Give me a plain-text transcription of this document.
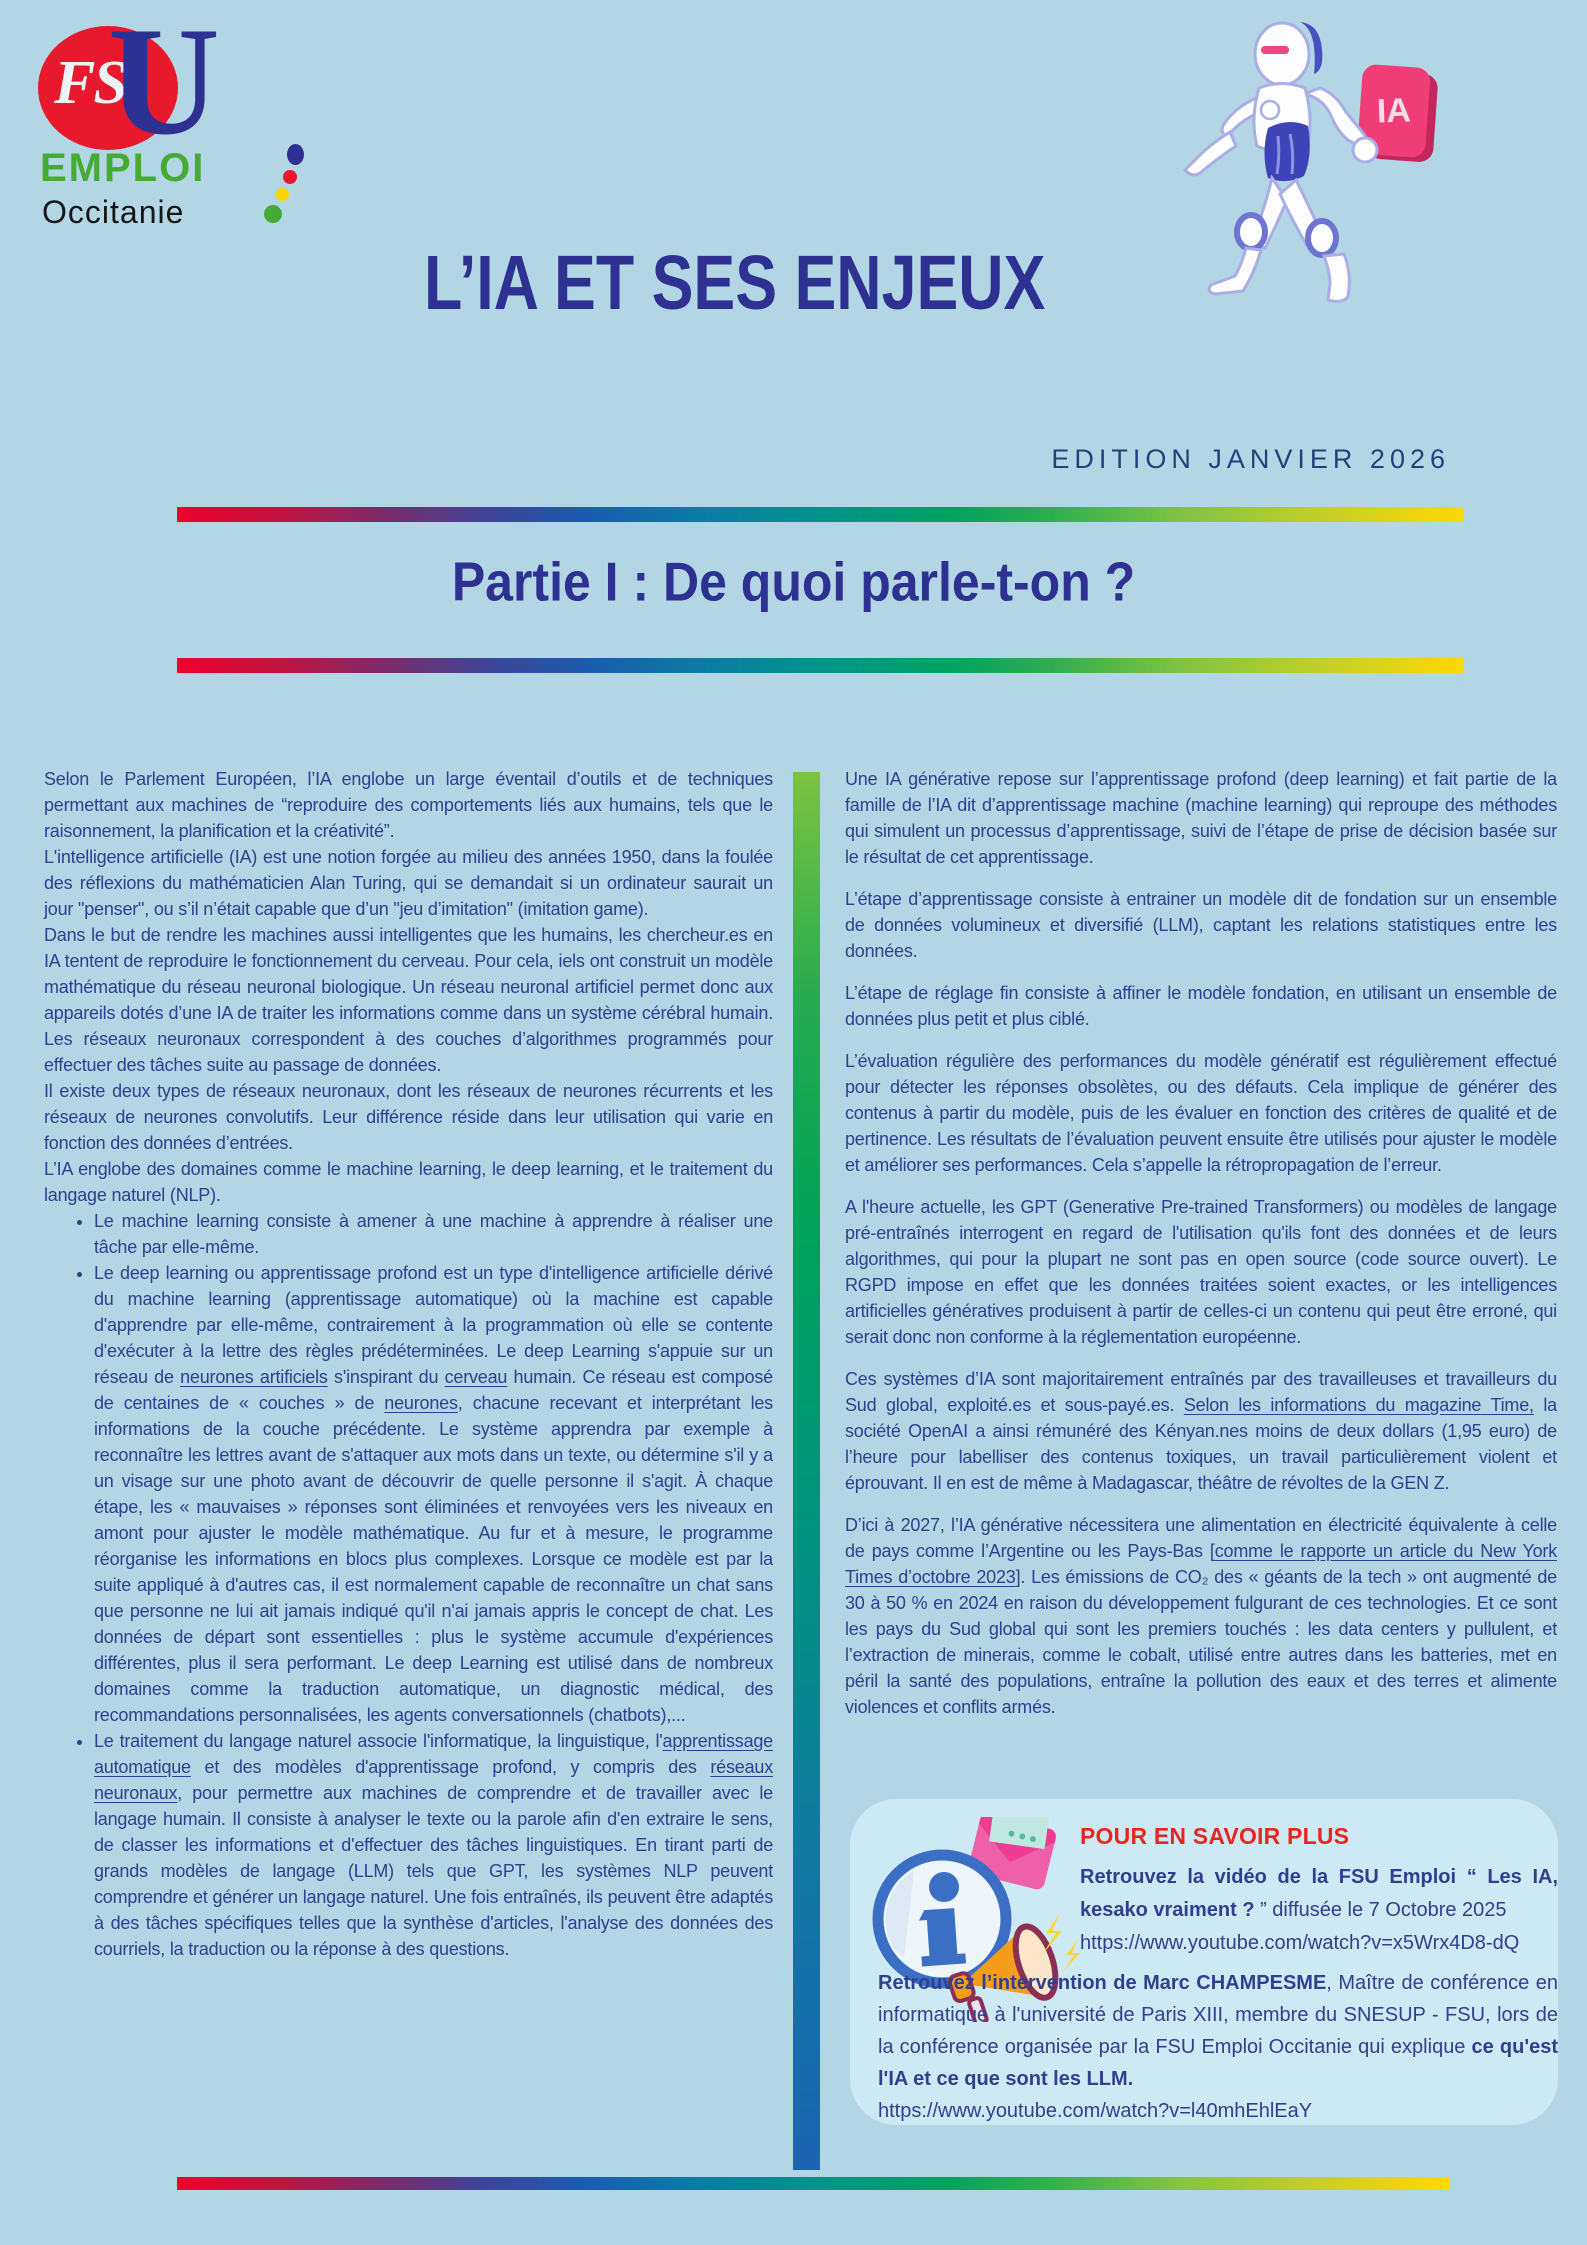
FS
U
EMPLOI
Occitanie
L’IA ET SES ENJEUX
IA
EDITION JANVIER 2026
Partie I : De quoi parle-t-on ?

Selon le Parlement Européen, l’IA englobe un large éventail d’outils et de techniques permettant aux machines de “reproduire des comportements liés aux humains, tels que le raisonnement, la planification et la créativité”.

L'intelligence artificielle (IA) est une notion forgée au milieu des années 1950, dans la foulée des réflexions du mathématicien Alan Turing, qui se demandait si un ordinateur saurait un jour "penser", ou s’il n’était capable que d’un "jeu d’imitation" (imitation game).

Dans le but de rendre les machines aussi intelligentes que les humains, les chercheur.es en IA tentent de reproduire le fonctionnement du cerveau. Pour cela, iels ont construit un modèle mathématique du réseau neuronal biologique. Un réseau neuronal artificiel permet donc aux appareils dotés d’une IA de traiter les informations comme dans un système cérébral humain. Les réseaux neuronaux correspondent à des couches d’algorithmes programmés pour effectuer des tâches suite au passage de données.

Il existe deux types de réseaux neuronaux, dont les réseaux de neurones récurrents et les réseaux de neurones convolutifs. Leur différence réside dans leur utilisation qui varie en fonction des données d’entrées.

L’IA englobe des domaines comme le machine learning, le deep learning, et le traitement du langage naturel (NLP).

• Le machine learning consiste à amener à une machine à apprendre à réaliser une tâche par elle-même.
• Le deep learning ou apprentissage profond est un type d'intelligence artificielle dérivé du machine learning (apprentissage automatique) où la machine est capable d'apprendre par elle-même, contrairement à la programmation où elle se contente d'exécuter à la lettre des règles prédéterminées. Le deep Learning s'appuie sur un réseau de neurones artificiels s'inspirant du cerveau humain. Ce réseau est composé de centaines de « couches » de neurones, chacune recevant et interprétant les informations de la couche précédente. Le système apprendra par exemple à reconnaître les lettres avant de s'attaquer aux mots dans un texte, ou détermine s'il y a un visage sur une photo avant de découvrir de quelle personne il s'agit. À chaque étape, les « mauvaises » réponses sont éliminées et renvoyées vers les niveaux en amont pour ajuster le modèle mathématique. Au fur et à mesure, le programme réorganise les informations en blocs plus complexes. Lorsque ce modèle est par la suite appliqué à d'autres cas, il est normalement capable de reconnaître un chat sans que personne ne lui ait jamais indiqué qu'il n'ai jamais appris le concept de chat. Les données de départ sont essentielles : plus le système accumule d'expériences différentes, plus il sera performant. Le deep Learning est utilisé dans de nombreux domaines comme la traduction automatique, un diagnostic médical, des recommandations personnalisées, les agents conversationnels (chatbots),...
• Le traitement du langage naturel associe l'informatique, la linguistique, l'apprentissage automatique et des modèles d'apprentissage profond, y compris des réseaux neuronaux, pour permettre aux machines de comprendre et de travailler avec le langage humain. Il consiste à analyser le texte ou la parole afin d'en extraire le sens, de classer les informations et d'effectuer des tâches linguistiques. En tirant parti de grands modèles de langage (LLM) tels que GPT, les systèmes NLP peuvent comprendre et générer un langage naturel. Une fois entraînés, ils peuvent être adaptés à des tâches spécifiques telles que la synthèse d'articles, l'analyse des données des courriels, la traduction ou la réponse à des questions.

Une IA générative repose sur l’apprentissage profond (deep learning) et fait partie de la famille de l’IA dit d’apprentissage machine (machine learning) qui reproupe des méthodes qui simulent un processus d’apprentissage, suivi de l’étape de prise de décision basée sur le résultat de cet apprentissage.

L’étape d’apprentissage consiste à entrainer un modèle dit de fondation sur un ensemble de données volumineux et diversifié (LLM), captant les relations statistiques entre les données.

L’étape de réglage fin consiste à affiner le modèle fondation, en utilisant un ensemble de données plus petit et plus ciblé.

L’évaluation régulière des performances du modèle génératif est régulièrement effectué pour détecter les réponses obsolètes, ou des défauts. Cela implique de générer des contenus à partir du modèle, puis de les évaluer en fonction des critères de qualité et de pertinence. Les résultats de l’évaluation peuvent ensuite être utilisés pour ajuster le modèle et améliorer ses performances. Cela s’appelle la rétropropagation de l’erreur.

A l'heure actuelle, les GPT (Generative Pre-trained Transformers) ou modèles de langage pré-entraînés interrogent en regard de l'utilisation qu'ils font des données et de leurs algorithmes, qui pour la plupart ne sont pas en open source (code source ouvert). Le RGPD impose en effet que les données traitées soient exactes, or les intelligences artificielles génératives produisent à partir de celles-ci un contenu qui peut être erroné, qui serait donc non conforme à la réglementation européenne.

Ces systèmes d’IA sont majoritairement entraînés par des travailleuses et travailleurs du Sud global, exploité.es et sous-payé.es. Selon les informations du magazine Time, la société OpenAI a ainsi rémunéré des Kényan.nes moins de deux dollars (1,95 euro) de l’heure pour labelliser des contenus toxiques, un travail particulièrement violent et éprouvant. Il en est de même à Madagascar, théâtre de révoltes de la GEN Z.

D’ici à 2027, l’IA générative nécessitera une alimentation en électricité équivalente à celle de pays comme l’Argentine ou les Pays-Bas [comme le rapporte un article du New York Times d’octobre 2023]. Les émissions de CO₂ des « géants de la tech » ont augmenté de 30 à 50 % en 2024 en raison du développement fulgurant de ces technologies. Et ce sont les pays du Sud global qui sont les premiers touchés : les data centers y pullulent, et l’extraction de minerais, comme le cobalt, utilisé entre autres dans les batteries, met en péril la santé des populations, entraîne la pollution des eaux et des terres et alimente violences et conflits armés.

POUR EN SAVOIR PLUS
Retrouvez la vidéo de la FSU Emploi “ Les IA, kesako vraiment ? ” diffusée le 7 Octobre 2025
https://www.youtube.com/watch?v=x5Wrx4D8-dQ
Retrouvez l’intervention de Marc CHAMPESME, Maître de conférence en informatique à l'université de Paris XIII, membre du SNESUP - FSU, lors de la conférence organisée par la FSU Emploi Occitanie qui explique ce qu'est l'IA et ce que sont les LLM.
https://www.youtube.com/watch?v=l40mhEhlEaY
